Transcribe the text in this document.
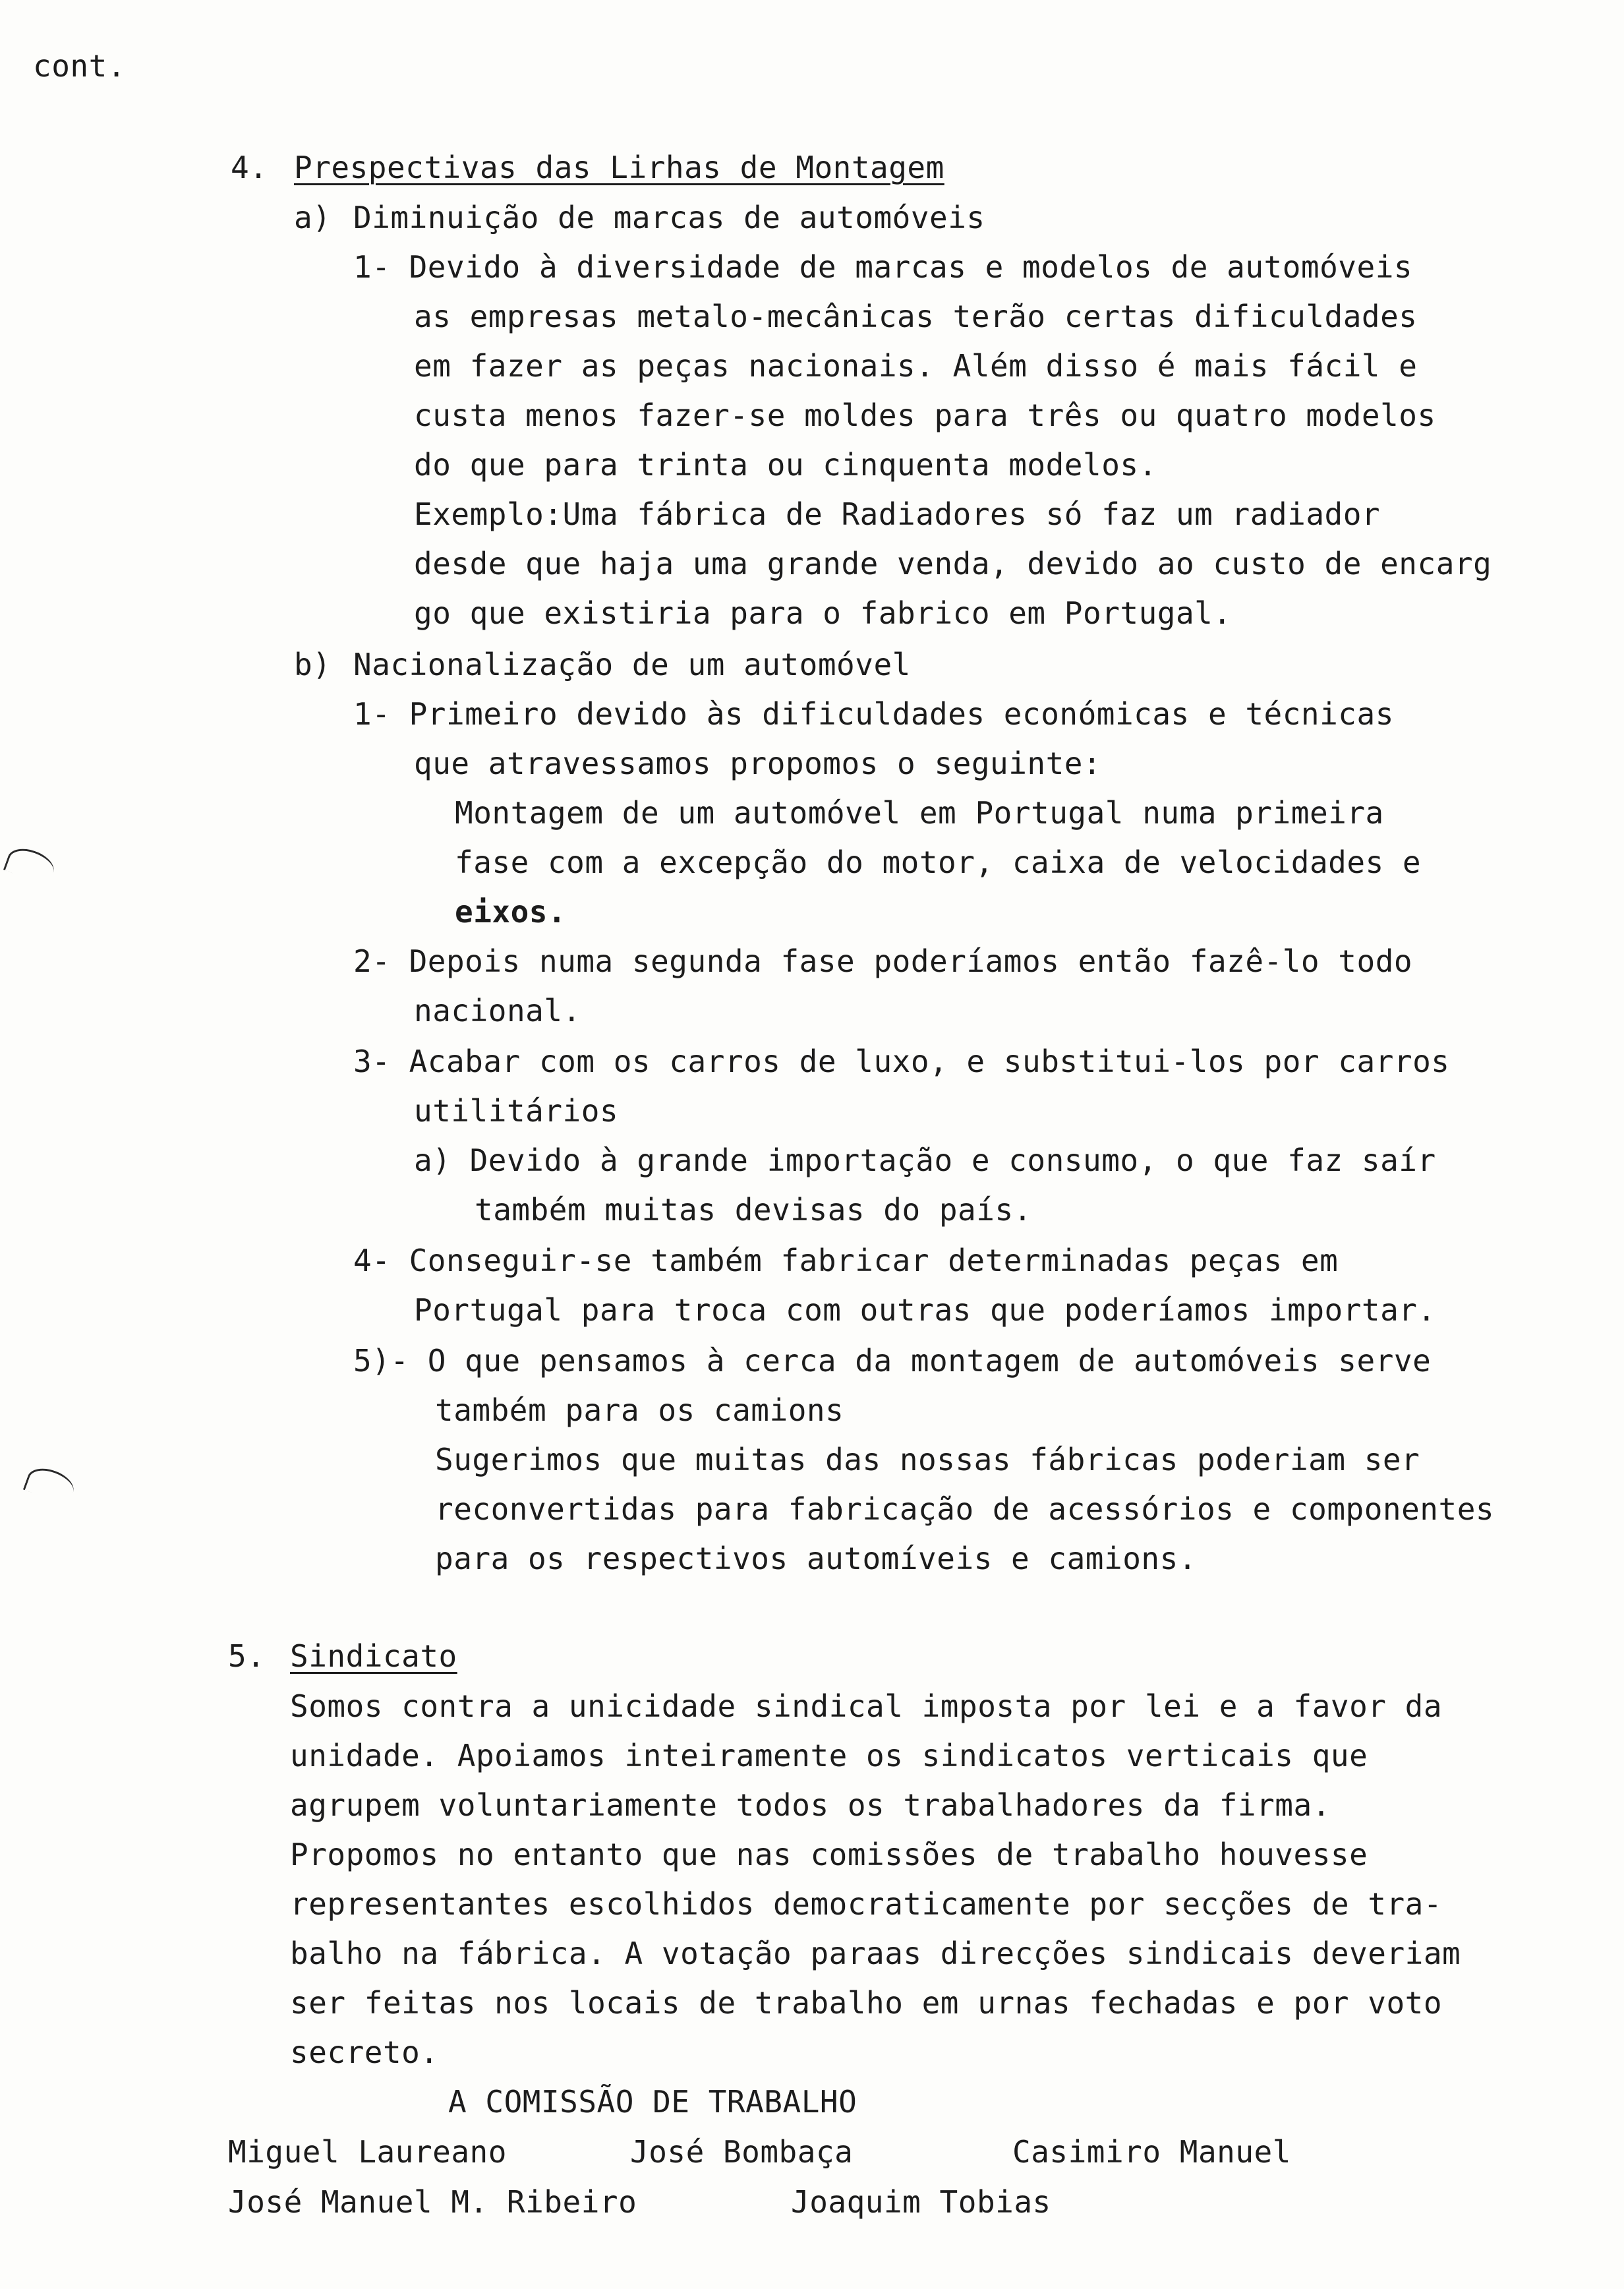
cont.
4. Prespectivas das Lirhas de Montagem
a) Diminuição de marcas de automóveis
1- Devido à diversidade de marcas e modelos de automóveis
as empresas metalo-mecânicas terão certas dificuldades
em fazer as peças nacionais. Além disso é mais fácil e
custa menos fazer-se moldes para três ou quatro modelos
do que para trinta ou cinquenta modelos.
Exemplo:Uma fábrica de Radiadores só faz um radiador
desde que haja uma grande venda, devido ao custo de encarg
go que existiria para o fabrico em Portugal.
b) Nacionalização de um automóvel
1- Primeiro devido às dificuldades económicas e técnicas
que atravessamos propomos o seguinte:
Montagem de um automóvel em Portugal numa primeira
fase com a excepção do motor, caixa de velocidades e
eixos.
2- Depois numa segunda fase poderíamos então fazê-lo todo
nacional.
3- Acabar com os carros de luxo, e substitui-los por carros
utilitários
a) Devido à grande importação e consumo, o que faz saír
também muitas devisas do país.
4- Conseguir-se também fabricar determinadas peças em
Portugal para troca com outras que poderíamos importar.
5)- O que pensamos à cerca da montagem de automóveis serve
também para os camions
Sugerimos que muitas das nossas fábricas poderiam ser
reconvertidas para fabricação de acessórios e componentes
para os respectivos automíveis e camions.
5. Sindicato
Somos contra a unicidade sindical imposta por lei e a favor da
unidade. Apoiamos inteiramente os sindicatos verticais que
agrupem voluntariamente todos os trabalhadores da firma.
Propomos no entanto que nas comissões de trabalho houvesse
representantes escolhidos democraticamente por secções de tra-
balho na fábrica. A votação paraas direcções sindicais deveriam
ser feitas nos locais de trabalho em urnas fechadas e por voto
secreto.
A COMISSÃO DE TRABALHO
Miguel Laureano	José Bombaça	Casimiro Manuel
José Manuel M. Ribeiro	Joaquim Tobias
